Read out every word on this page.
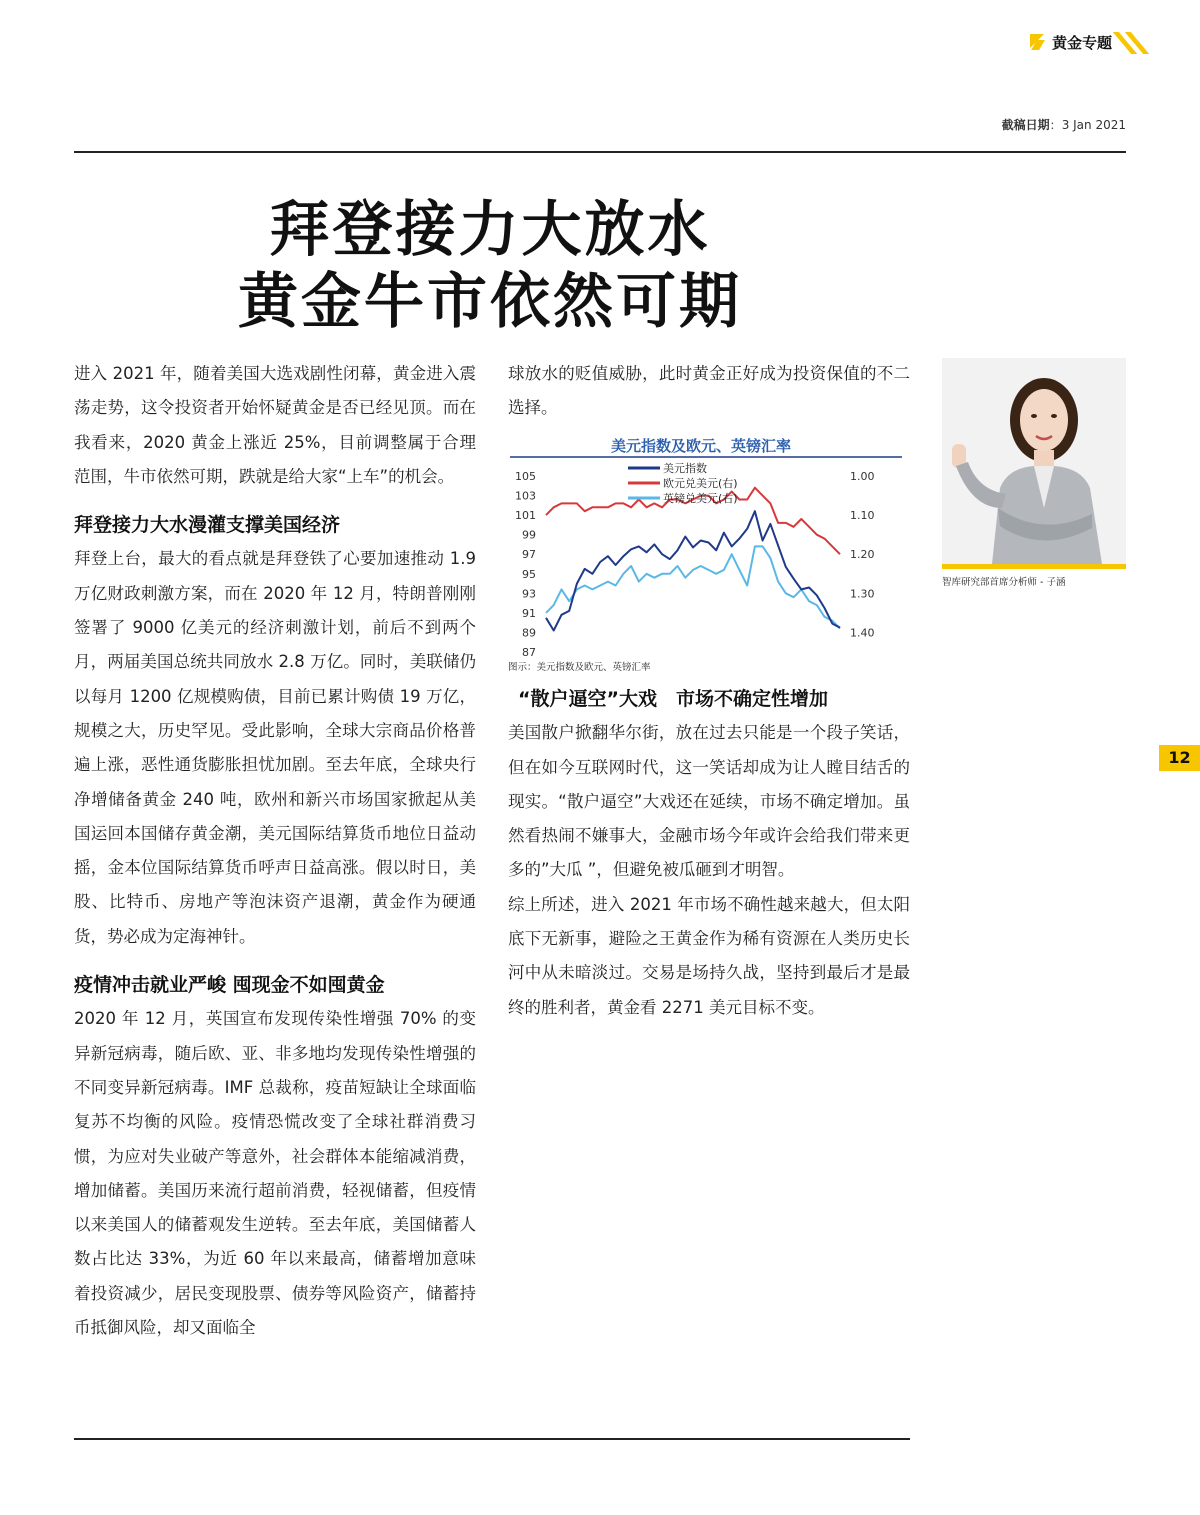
黄金专题
截稿日期：3 Jan 2021
拜登接力大放水
黄金牛市依然可期
进入 2021 年，随着美国大选戏剧性闭幕，黄金进入震荡走势，这令投资者开始怀疑黄金是否已经见顶。而在我看来，2020 黄金上涨近 25%，目前调整属于合理范围，牛市依然可期，跌就是给大家“上车”的机会。
拜登接力大水漫灌支撑美国经济
拜登上台，最大的看点就是拜登铁了心要加速推动 1.9 万亿财政刺激方案，而在 2020 年 12 月，特朗普刚刚签署了 9000 亿美元的经济刺激计划，前后不到两个月，两届美国总统共同放水 2.8 万亿。同时，美联储仍以每月 1200 亿规模购债，目前已累计购债 19 万亿，规模之大，历史罕见。受此影响，全球大宗商品价格普遍上涨，恶性通货膨胀担忧加剧。至去年底，全球央行净增储备黄金 240 吨，欧州和新兴市场国家掀起从美国运回本国储存黄金潮，美元国际结算货币地位日益动摇，金本位国际结算货币呼声日益高涨。假以时日，美股、比特币、房地产等泡沫资产退潮，黄金作为硬通货，势必成为定海神针。
疫情冲击就业严峻 囤现金不如囤黄金
2020 年 12 月，英国宣布发现传染性增强 70% 的变异新冠病毒，随后欧、亚、非多地均发现传染性增强的不同变异新冠病毒。IMF 总裁称，疫苗短缺让全球面临复苏不均衡的风险。疫情恐慌改变了全球社群消费习惯，为应对失业破产等意外，社会群体本能缩减消费，增加储蓄。美国历来流行超前消费，轻视储蓄，但疫情以来美国人的储蓄观发生逆转。至去年底，美国储蓄人数占比达 33%，为近 60 年以来最高，储蓄增加意味着投资减少，居民变现股票、债券等风险资产，储蓄持币抵御风险，却又面临全
球放水的贬值威胁，此时黄金正好成为投资保值的不二选择。
美元指数及欧元、英镑汇率
105
103
101
99
97
95
93
91
89
87
1.00
1.10
1.20
1.30
1.40
美元指数
欧元兑美元(右)
英镑兑美元(右)
图示：美元指数及欧元、英镑汇率
“散户逼空”大戏　市场不确定性增加
美国散户掀翻华尔街，放在过去只能是一个段子笑话，但在如今互联网时代，这一笑话却成为让人瞠目结舌的现实。“散户逼空”大戏还在延续，市场不确定增加。虽然看热闹不嫌事大，金融市场今年或许会给我们带来更多的”大瓜 ”，但避免被瓜砸到才明智。
综上所述，进入 2021 年市场不确性越来越大，但太阳底下无新事，避险之王黄金作为稀有资源在人类历史长河中从未暗淡过。交易是场持久战，坚持到最后才是最终的胜利者，黄金看 2271 美元目标不变。
智库研究部首席分析师 - 子涵
12
